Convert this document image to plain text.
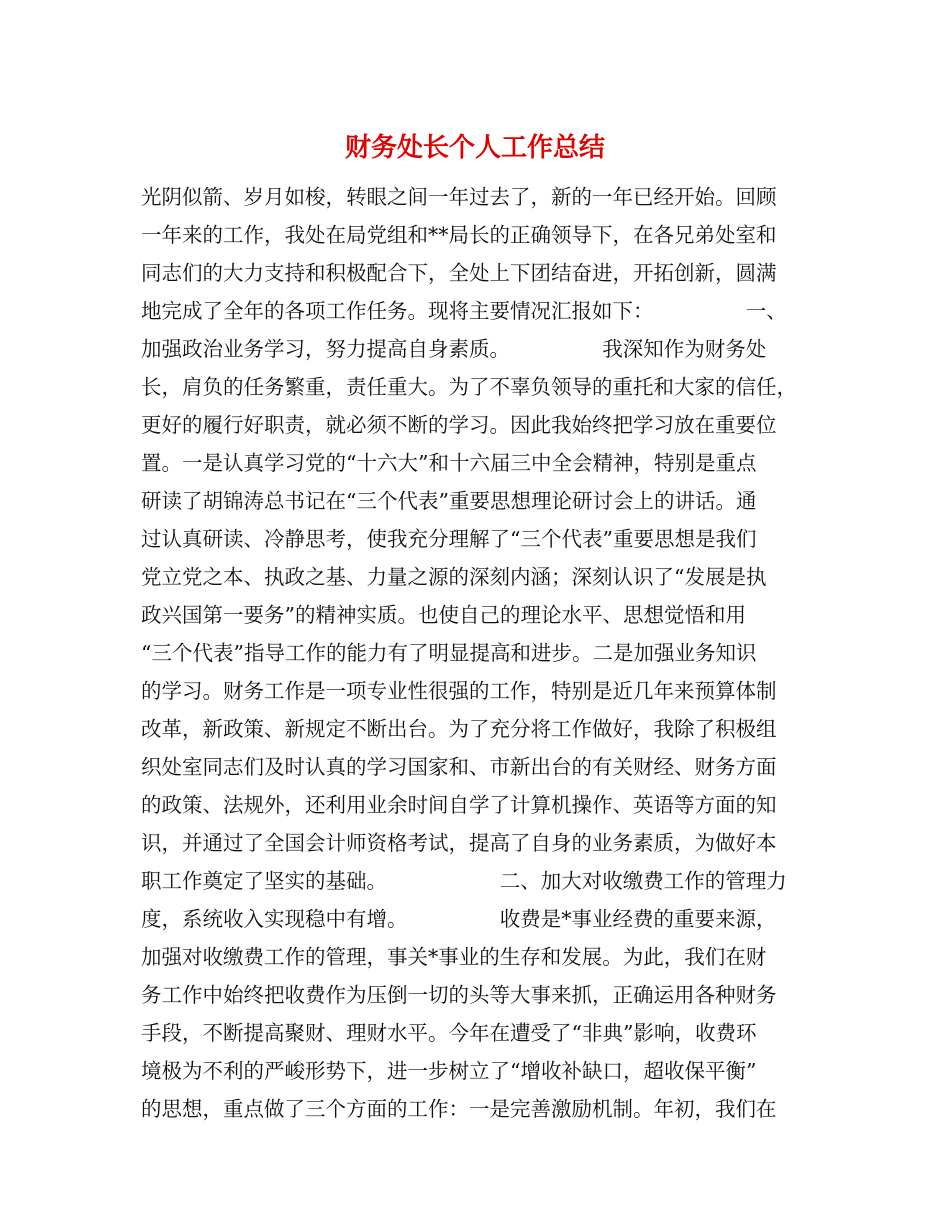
财务处长个人工作总结
光阴似箭、岁月如梭，转眼之间一年过去了，新的一年已经开始。回顾
一年来的工作，我处在局党组和**局长的正确领导下，在各兄弟处室和
同志们的大力支持和积极配合下，全处上下团结奋进，开拓创新，圆满
地完成了全年的各项工作任务。现将主要情况汇报如下：　　　　　一、
加强政治业务学习，努力提高自身素质。　　　　　我深知作为财务处
长，肩负的任务繁重，责任重大。为了不辜负领导的重托和大家的信任，
更好的履行好职责，就必须不断的学习。因此我始终把学习放在重要位
置。一是认真学习党的“十六大”和十六届三中全会精神，特别是重点
研读了胡锦涛总书记在“三个代表”重要思想理论研讨会上的讲话。通
过认真研读、冷静思考，使我充分理解了“三个代表”重要思想是我们
党立党之本、执政之基、力量之源的深刻内涵；深刻认识了“发展是执
政兴国第一要务”的精神实质。也使自己的理论水平、思想觉悟和用
“三个代表”指导工作的能力有了明显提高和进步。二是加强业务知识
的学习。财务工作是一项专业性很强的工作，特别是近几年来预算体制
改革，新政策、新规定不断出台。为了充分将工作做好，我除了积极组
织处室同志们及时认真的学习国家和、市新出台的有关财经、财务方面
的政策、法规外，还利用业余时间自学了计算机操作、英语等方面的知
识，并通过了全国会计师资格考试，提高了自身的业务素质，为做好本
职工作奠定了坚实的基础。　　　　　　二、加大对收缴费工作的管理力
度，系统收入实现稳中有增。　　　　　收费是*事业经费的重要来源，
加强对收缴费工作的管理，事关*事业的生存和发展。为此，我们在财
务工作中始终把收费作为压倒一切的头等大事来抓，正确运用各种财务
手段，不断提高聚财、理财水平。今年在遭受了“非典”影响，收费环
境极为不利的严峻形势下，进一步树立了“增收补缺口，超收保平衡”
的思想，重点做了三个方面的工作：一是完善激励机制。年初，我们在
